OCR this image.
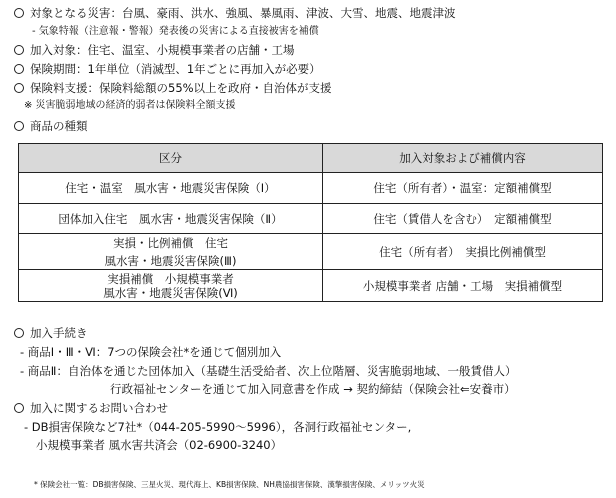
対象となる災害：台風、豪雨、洪水、強風、暴風雨、津波、大雪、地震、地震津波
- 気象特報（注意報・警報）発表後の災害による直接被害を補償
加入対象：住宅、温室、小規模事業者の店舗・工場
保険期間：1年単位（消滅型、1年ごとに再加入が必要）
保険料支援：保険料総額の55%以上を政府・自治体が支援
※ 災害脆弱地域の経済的弱者は保険料全額支援
商品の種類
区分	加入対象および補償内容

住宅・温室　風水害・地震災害保険（Ⅰ）	住宅（所有者）・温室：定額補償型

団体加入住宅　風水害・地震災害保険（Ⅱ）	住宅（賃借人を含む）　定額補償型

実損・比例補償　住宅
風水害・地震災害保険(Ⅲ)	住宅（所有者）　実損比例補償型

実損補償　小規模事業者
風水害・地震災害保険(Ⅵ)	小規模事業者 店舗・工場　実損補償型
加入手続き
- 商品Ⅰ・Ⅲ・Ⅵ：7つの保険会社*を通じて個別加入
- 商品Ⅱ：自治体を通じた団体加入（基礎生活受給者、次上位階層、災害脆弱地域、一般賃借人）
行政福祉センターを通じて加入同意書を作成 → 契約締結（保険会社⇐安養市）
加入に関するお問い合わせ
- DB損害保険など7社*（044-205-5990～5996），各洞行政福祉センター,
小規模事業者 風水害共済会（02-6900-3240）
* 保険会社一覧：DB損害保険、三星火災、現代海上、KB損害保険、NH農協損害保険、漢擎損害保険、メリッツ火災
